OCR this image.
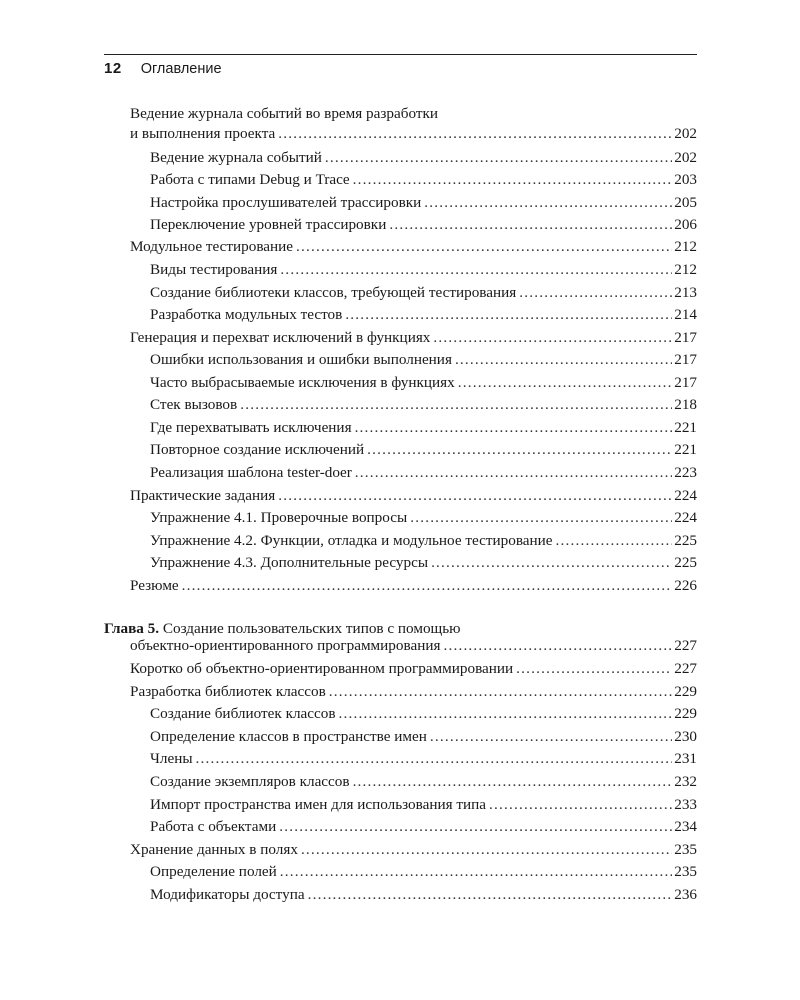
12 Оглавление
Ведение журнала событий во время разработки
и выполнения проекта .....	202
Ведение журнала событий .....	202
Работа с типами Debug и Trace .....	203
Настройка прослушивателей трассировки .....	205
Переключение уровней трассировки .....	206
Модульное тестирование .....	212
Виды тестирования .....	212
Создание библиотеки классов, требующей тестирования .....	213
Разработка модульных тестов .....	214
Генерация и перехват исключений в функциях .....	217
Ошибки использования и ошибки выполнения .....	217
Часто выбрасываемые исключения в функциях .....	217
Стек вызовов .....	218
Где перехватывать исключения .....	221
Повторное создание исключений .....	221
Реализация шаблона tester-doer .....	223
Практические задания .....	224
Упражнение 4.1. Проверочные вопросы .....	224
Упражнение 4.2. Функции, отладка и модульное тестирование .....	225
Упражнение 4.3. Дополнительные ресурсы .....	225
Резюме .....	226
Глава 5. Создание пользовательских типов с помощью
объектно-ориентированного программирования .....	227
Коротко об объектно-ориентированном программировании .....	227
Разработка библиотек классов .....	229
Создание библиотек классов .....	229
Определение классов в пространстве имен .....	230
Члены .....	231
Создание экземпляров классов .....	232
Импорт пространства имен для использования типа .....	233
Работа с объектами .....	234
Хранение данных в полях .....	235
Определение полей .....	235
Модификаторы доступа .....	236
